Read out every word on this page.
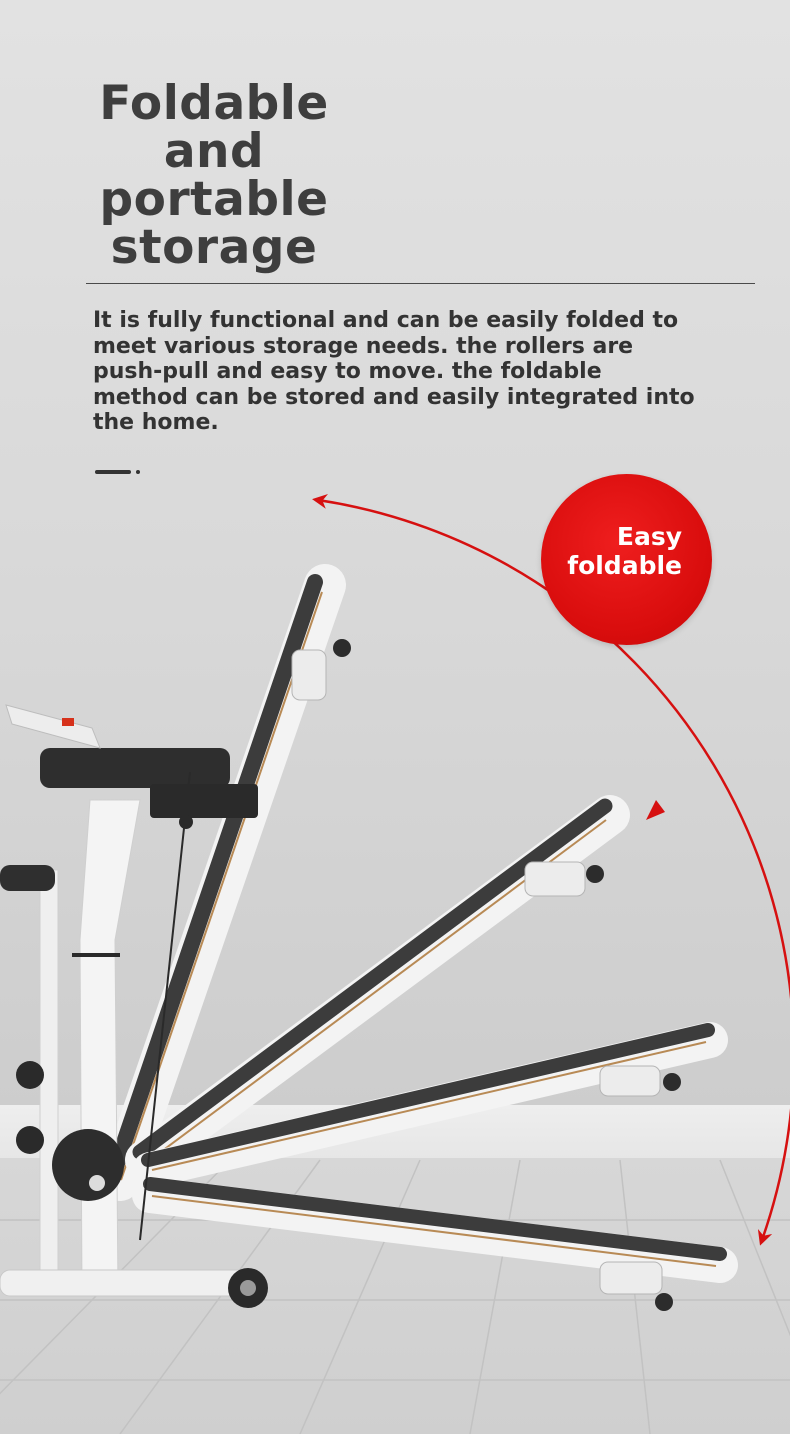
Foldable and
portable
storage

It is fully functional and can be easily folded to meet various storage needs. the rollers are push-pull and easy to move. the foldable method can be stored and easily integrated into the home.

Easy
foldable
